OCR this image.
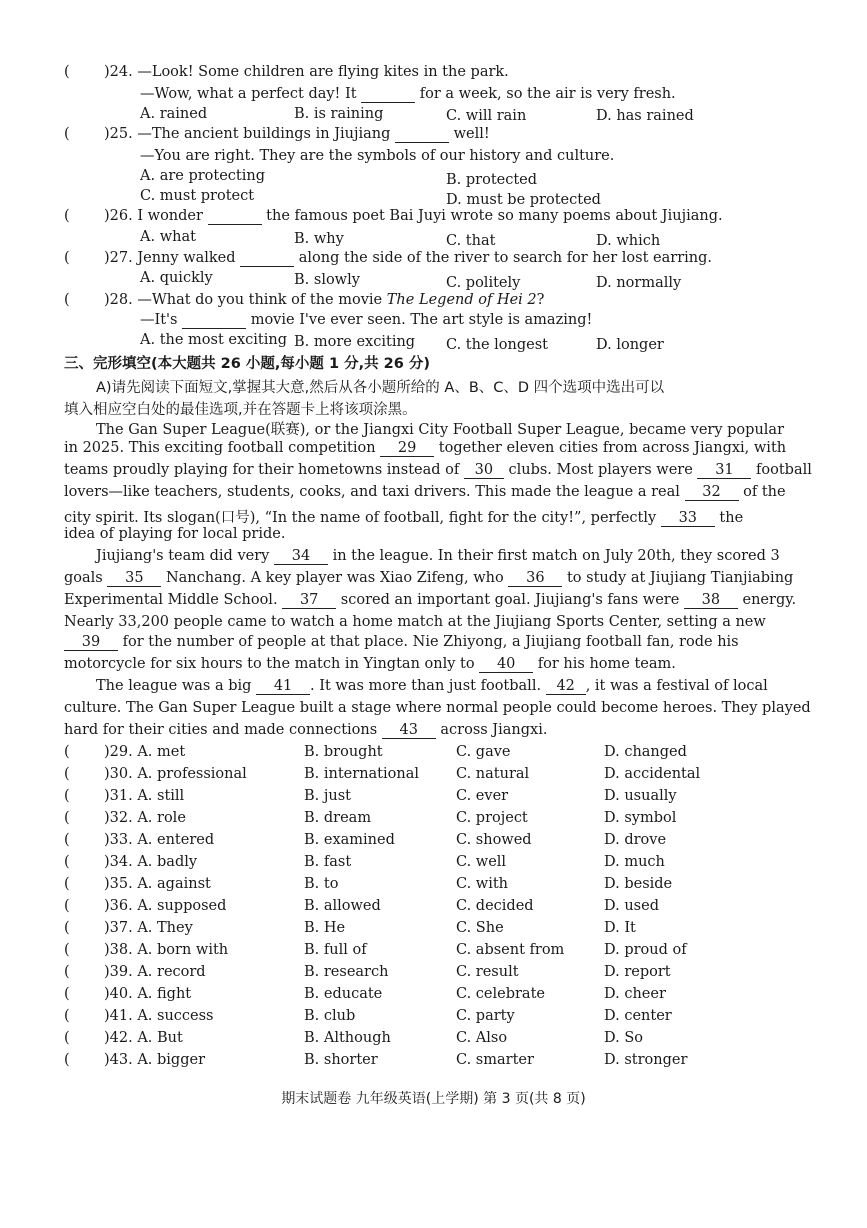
( )24. —Look! Some children are flying kites in the park.
—Wow, what a perfect day! It	for a week, so the air is very fresh.
A. rained	B. is raining	C. will rain	D. has rained
( )25. —The ancient buildings in Jiujiang	well!
—You are right. They are the symbols of our history and culture.
A. are protecting	B. protected
C. must protect	D. must be protected
( )26. I wonder	the famous poet Bai Juyi wrote so many poems about Jiujiang.
A. what	B. why	C. that	D. which
( )27. Jenny walked	along the side of the river to search for her lost earring.
A. quickly	B. slowly	C. politely	D. normally
( )28. —What do you think of the movie The Legend of Hei 2?
—It's	movie I've ever seen. The art style is amazing!
A. the most exciting B. more exciting C. the longest	D. longer
三、完形填空(本大题共 26 小题,每小题 1 分,共 26 分)
A)请先阅读下面短文,掌握其大意,然后从各小题所给的 A、B、C、D 四个选项中选出可以
填入相应空白处的最佳选项,并在答题卡上将该项涂黑。
The Gan Super League(联赛), or the Jiangxi City Football Super League, became very popular
in 2025. This exciting football competition 29 together eleven cities from across Jiangxi, with
teams proudly playing for their hometowns instead of 30 clubs. Most players were 31 football
lovers—like teachers, students, cooks, and taxi drivers. This made the league a real 32 of the
city spirit. Its slogan(口号), “In the name of football, fight for the city!”, perfectly 33 the
idea of playing for local pride.
Jiujiang's team did very 34 in the league. In their first match on July 20th, they scored 3
goals 35 Nanchang. A key player was Xiao Zifeng, who 36 to study at Jiujiang Tianjiabing
Experimental Middle School. 37 scored an important goal. Jiujiang's fans were 38 energy.
Nearly 33,200 people came to watch a home match at the Jiujiang Sports Center, setting a new
39 for the number of people at that place. Nie Zhiyong, a Jiujiang football fan, rode his
motorcycle for six hours to the match in Yingtan only to 40 for his home team.
The league was a big 41 . It was more than just football. 42 , it was a festival of local
culture. The Gan Super League built a stage where normal people could become heroes. They played
hard for their cities and made connections 43 across Jiangxi.
( )29. A. met	B. brought	C. gave	D. changed
( )30. A. professional	B. international	C. natural	D. accidental
( )31. A. still	B. just	C. ever	D. usually
( )32. A. role	B. dream	C. project	D. symbol
( )33. A. entered	B. examined	C. showed	D. drove
( )34. A. badly	B. fast	C. well	D. much
( )35. A. against	B. to	C. with	D. beside
( )36. A. supposed	B. allowed	C. decided	D. used
( )37. A. They	B. He	C. She	D. It
( )38. A. born with	B. full of	C. absent from	D. proud of
( )39. A. record	B. research	C. result	D. report
( )40. A. fight	B. educate	C. celebrate	D. cheer
( )41. A. success	B. club	C. party	D. center
( )42. A. But	B. Although	C. Also	D. So
( )43. A. bigger	B. shorter	C. smarter	D. stronger
期末试题卷 九年级英语(上学期) 第 3 页(共 8 页)
